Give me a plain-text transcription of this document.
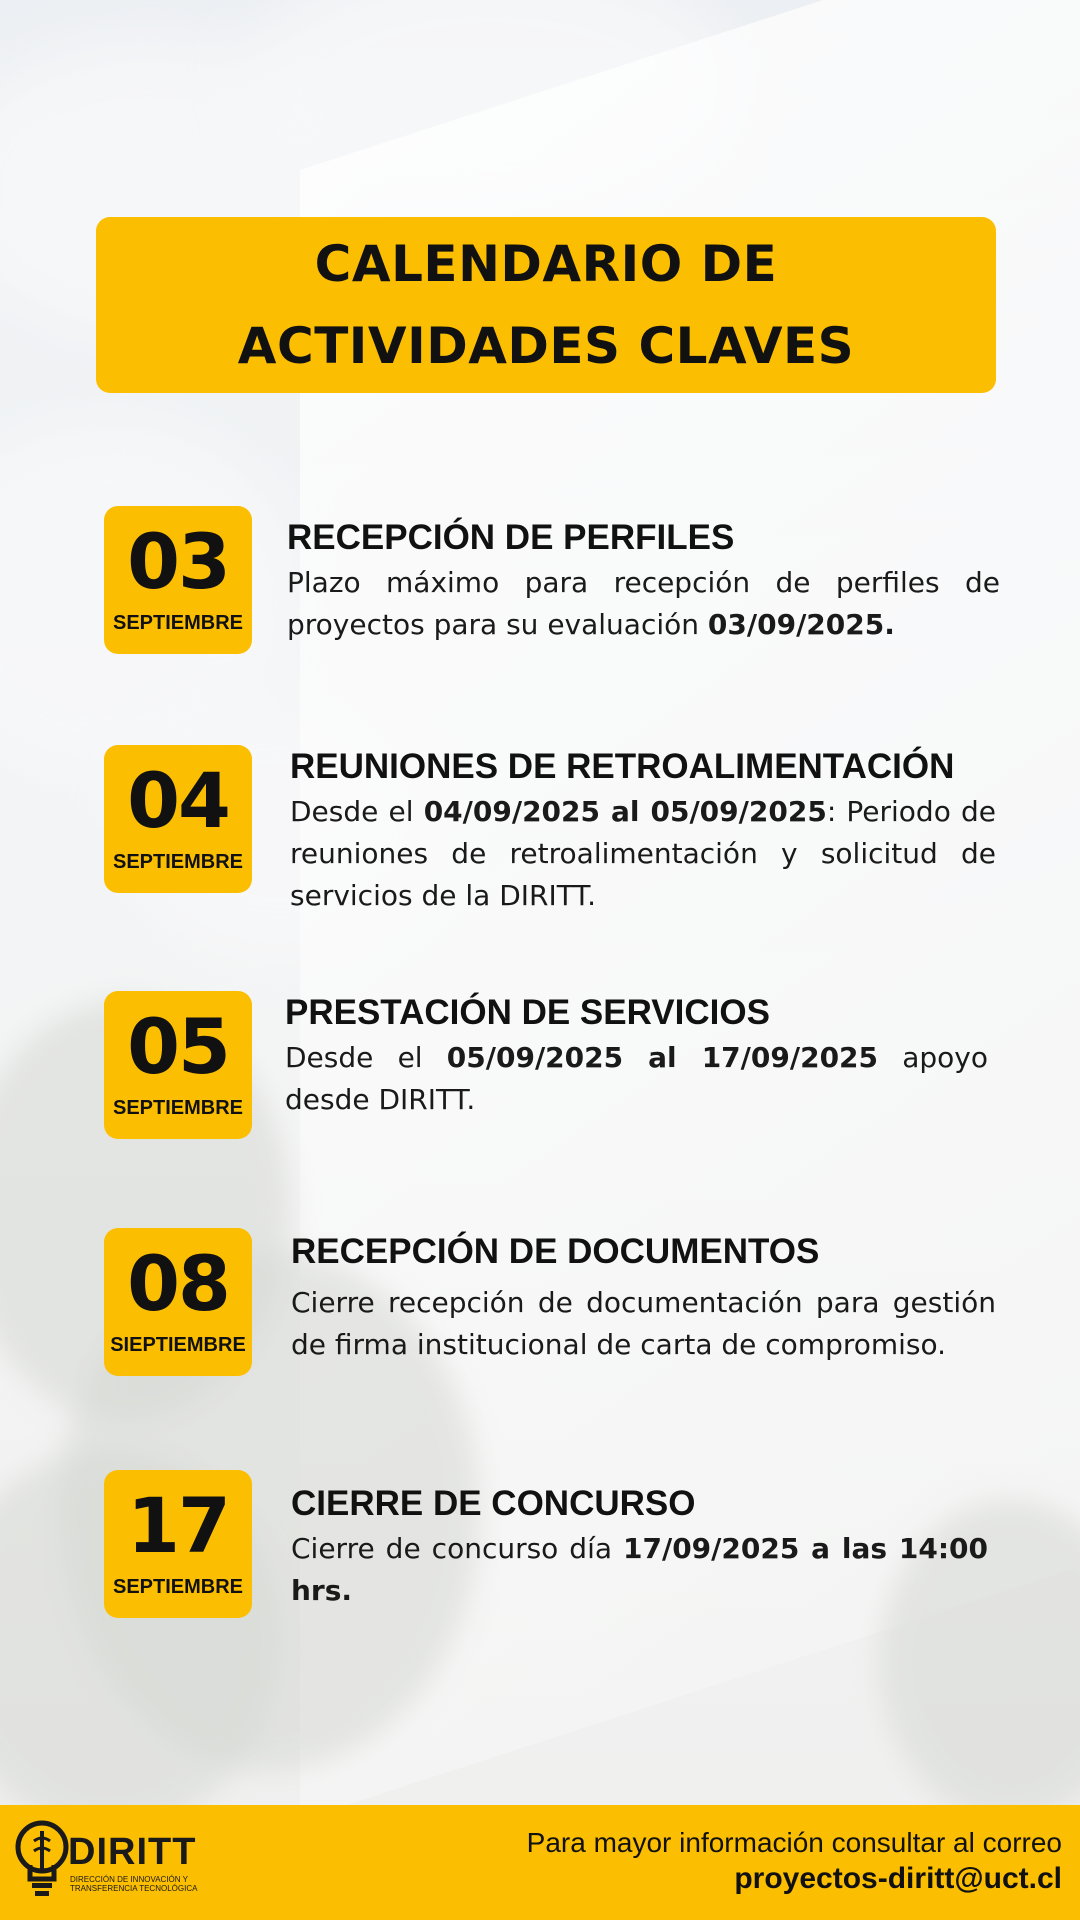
CALENDARIO DE
ACTIVIDADES CLAVES
03
SEPTIEMBRE
RECEPCIÓN DE PERFILES
Plazo máximo para recepción de perfiles de proyectos para su evaluación 03/09/2025.
04
SEPTIEMBRE
REUNIONES DE RETROALIMENTACIÓN
Desde el 04/09/2025 al 05/09/2025: Periodo de reuniones de retroalimentación y solicitud de servicios de la DIRITT.
05
SEPTIEMBRE
PRESTACIÓN DE SERVICIOS
Desde el 05/09/2025 al 17/09/2025 apoyo desde DIRITT.
08
SIEPTIEMBRE
RECEPCIÓN DE DOCUMENTOS
Cierre recepción de documentación para gestión de firma institucional de carta de compromiso.
17
SEPTIEMBRE
CIERRE DE CONCURSO
Cierre de concurso día 17/09/2025 a las 14:00 hrs.
DIRITT
DIRECCIÓN DE INNOVACIÓN Y
TRANSFERENCIA TECNOLÓGICA
Para mayor información consultar al correo
proyectos-diritt@uct.cl
